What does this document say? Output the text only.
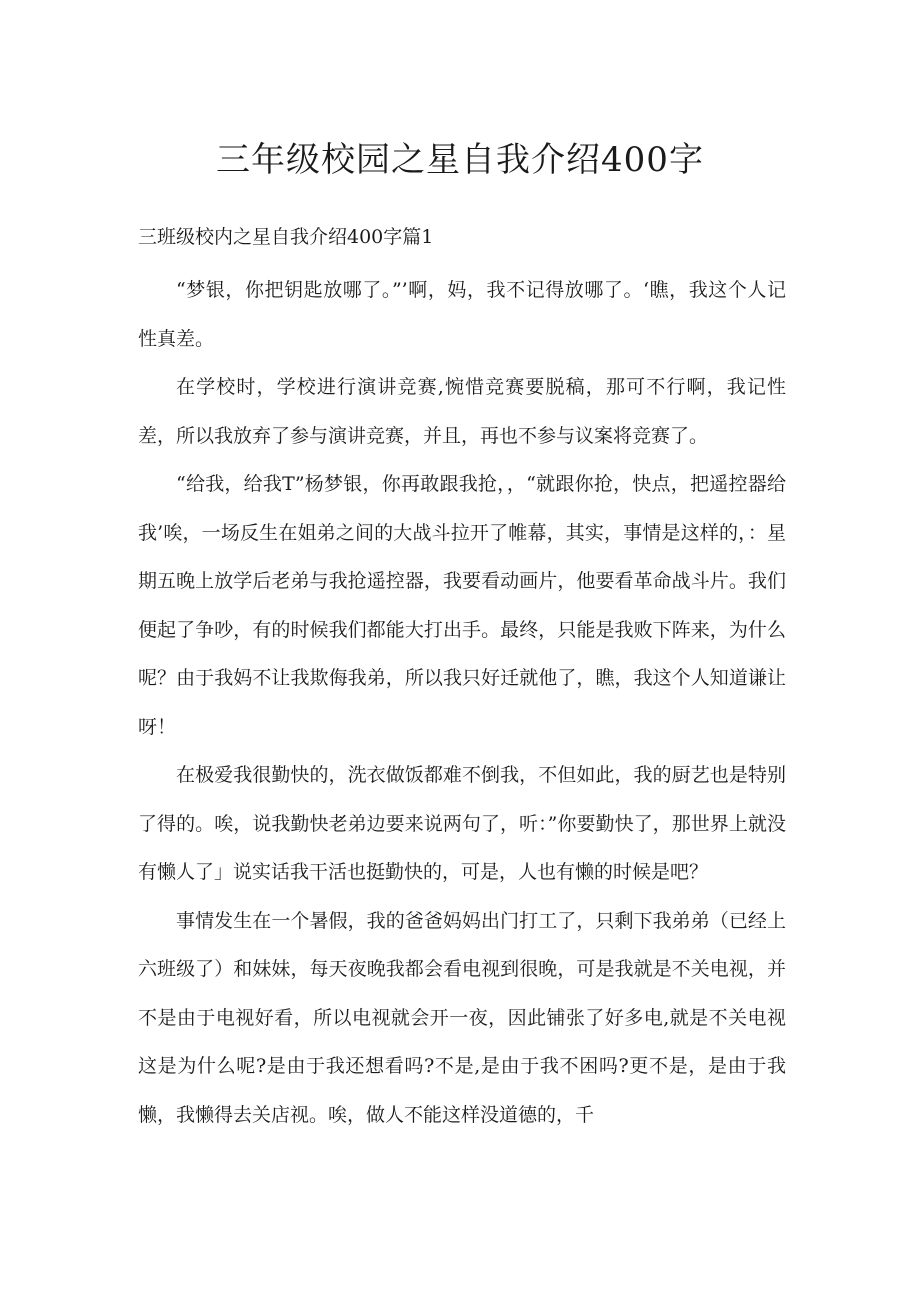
三年级校园之星自我介绍400字

三班级校内之星自我介绍400字篇1

“梦银，你把钥匙放哪了。”’啊，妈，我不记得放哪了。‘瞧，我这个人记性真差。

在学校时，学校进行演讲竞赛,惋惜竞赛要脱稿，那可不行啊，我记性差，所以我放弃了参与演讲竞赛，并且，再也不参与议案将竞赛了。

“给我，给我T”杨梦银，你再敢跟我抢，，“就跟你抢，快点，把遥控器给我’唉，一场反生在姐弟之间的大战斗拉开了帷幕，其实，事情是这样的，：星期五晚上放学后老弟与我抢遥控器，我要看动画片，他要看革命战斗片。我们便起了争吵，有的时候我们都能大打出手。最终，只能是我败下阵来，为什么呢？由于我妈不让我欺侮我弟，所以我只好迁就他了，瞧，我这个人知道谦让呀！

在极爱我很勤快的，洗衣做饭都难不倒我，不但如此，我的厨艺也是特别了得的。唉，说我勤快老弟边要来说两句了，听：”你要勤快了，那世界上就没有懒人了」说实话我干活也挺勤快的，可是，人也有懒的时候是吧？

事情发生在一个暑假，我的爸爸妈妈出门打工了，只剩下我弟弟（已经上六班级了）和妹妹，每天夜晚我都会看电视到很晚，可是我就是不关电视，并不是由于电视好看，所以电视就会开一夜，因此铺张了好多电,就是不关电视这是为什么呢?是由于我还想看吗?不是,是由于我不困吗?更不是，是由于我懒，我懒得去关店视。唉，做人不能这样没道德的，千
